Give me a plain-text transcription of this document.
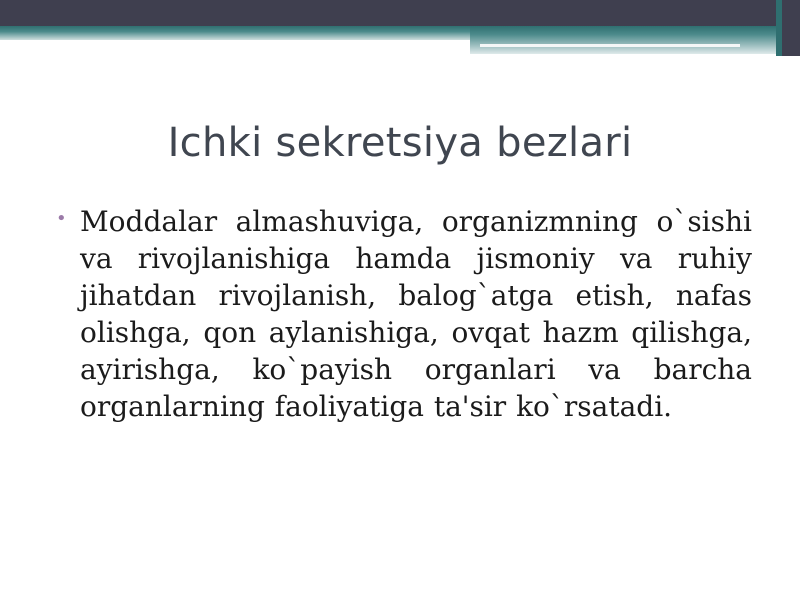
Ichki sekretsiya bezlari
• Moddalar almashuviga, organizmning o`sishi va rivojlanishiga hamda jismoniy va ruhiy jihatdan rivojlanish, balog`atga etish, nafas olishga, qon aylanishiga, ovqat hazm qilishga, ayirishga, ko`payish organlari va barcha organlarning faoliyatiga ta'sir ko`rsatadi.
